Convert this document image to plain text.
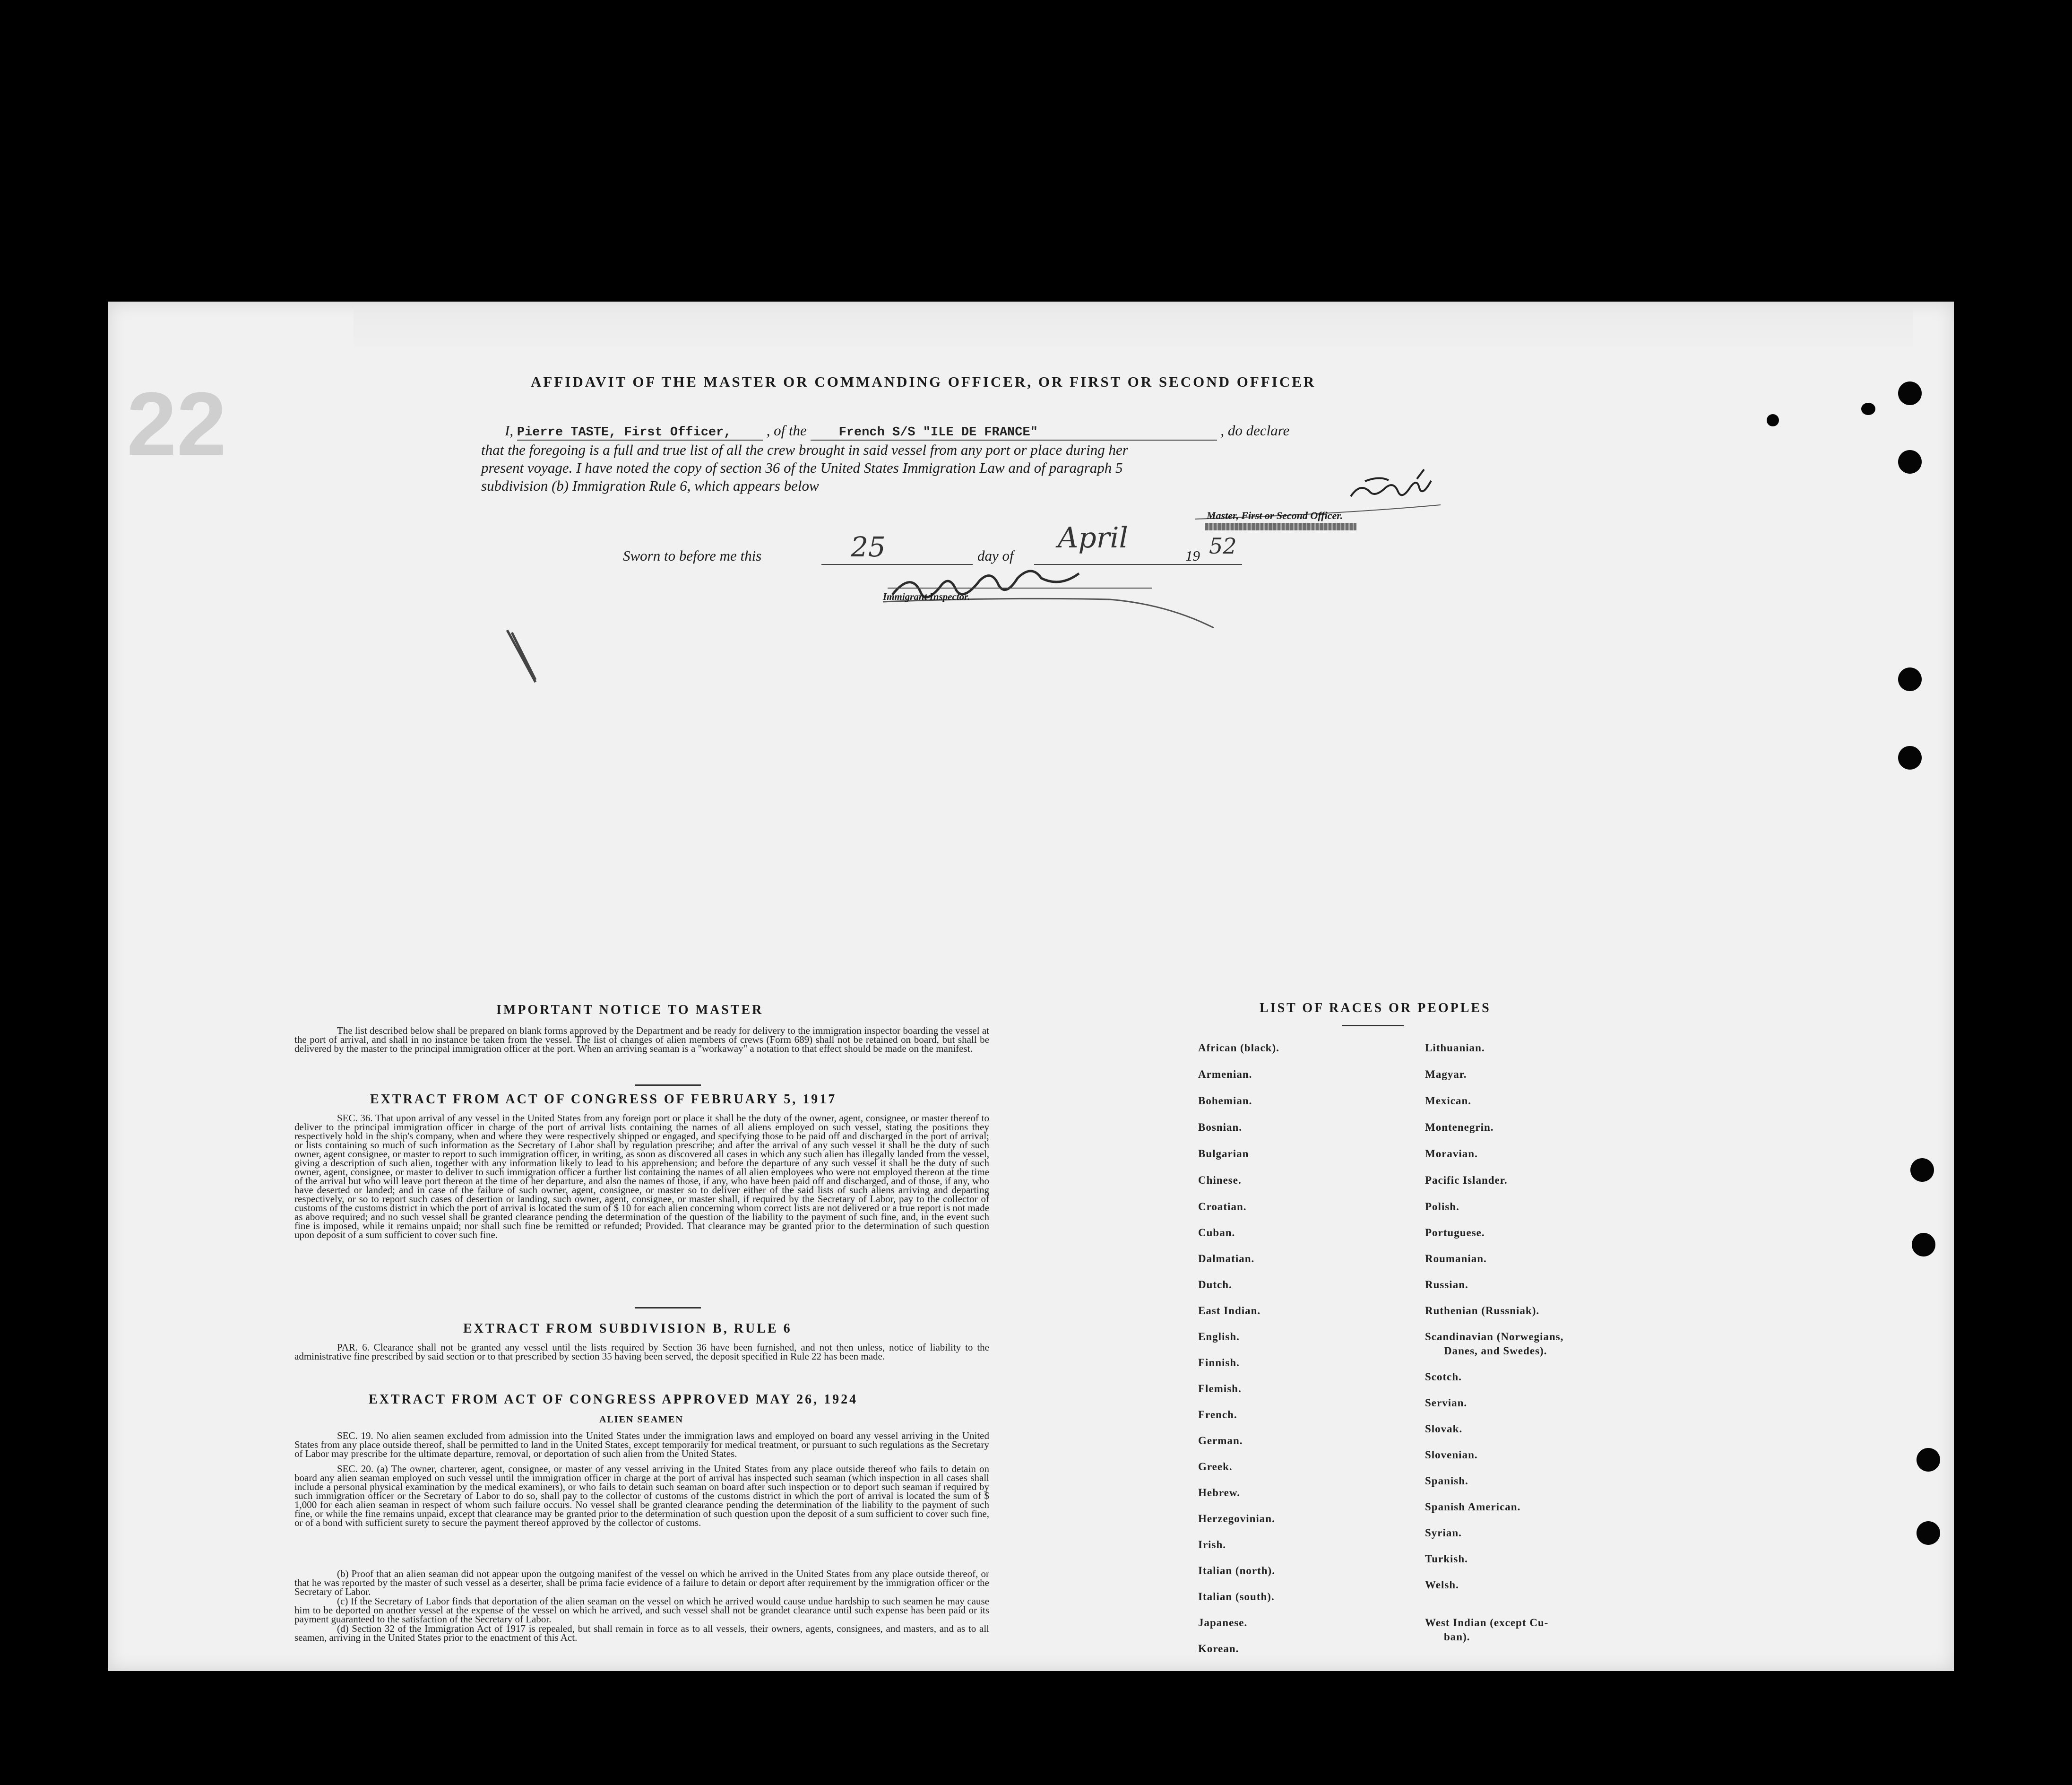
22	AFFIDAVIT OF THE MASTER OR COMMANDING OFFICER, OR FIRST OR SECOND OFFICER
I, Pierre TASTE, First Officer, , of the	French S/S "ILE DE FRANCE"	, do declare
that the foregoing is a full and true list of all the crew brought in said vessel from any port or place during her
present voyage. I have noted the copy of section 36 of the United States Immigration Law and of paragraph 5
subdivision (b) Immigration Rule 6, which appears below
Master, First or Second Officer.
Sworn to before me this	25	day of
April
19 52
Immigrant Inspector.
IMPORTANT NOTICE TO MASTER
The list described below shall be prepared on blank forms approved by the Department and be ready for delivery to the immigration inspector boarding the vessel at the port of arrival, and shall in no instance be taken from the vessel. The list of changes of alien members of crews (Form 689) shall not be retained on board, but shall be delivered by the master to the principal immigration officer at the port. When an arriving seaman is a "workaway" a notation to that effect should be made on the manifest.
EXTRACT FROM ACT OF CONGRESS OF FEBRUARY 5, 1917
SEC. 36. That upon arrival of any vessel in the United States from any foreign port or place it shall be the duty of the owner, agent, consignee, or master thereof to deliver to the principal immigration officer in charge of the port of arrival lists containing the names of all aliens employed on such vessel, stating the positions they respectively hold in the ship's company, when and where they were respectively shipped or engaged, and specifying those to be paid off and discharged in the port of arrival; or lists containing so much of such information as the Secretary of Labor shall by regulation prescribe; and after the arrival of any such vessel it shall be the duty of such owner, agent consignee, or master to report to such immigration officer, in writing, as soon as discovered all cases in which any such alien has illegally landed from the vessel, giving a description of such alien, together with any information likely to lead to his apprehension; and before the departure of any such vessel it shall be the duty of such owner, agent, consignee, or master to deliver to such immigration officer a further list containing the names of all alien employees who were not employed thereon at the time of the arrival but who will leave port thereon at the time of her departure, and also the names of those, if any, who have been paid off and discharged, and of those, if any, who have deserted or landed; and in case of the failure of such owner, agent, consignee, or master so to deliver either of the said lists of such aliens arriving and departing respectively, or so to report such cases of desertion or landing, such owner, agent, consignee, or master shall, if required by the Secretary of Labor, pay to the collector of customs of the customs district in which the port of arrival is located the sum of $ 10 for each alien concerning whom correct lists are not delivered or a true report is not made as above required; and no such vessel shall be granted clearance pending the determination of the question of the liability to the payment of such fine, and, in the event such fine is imposed, while it remains unpaid; nor shall such fine be remitted or refunded; Provided. That clearance may be granted prior to the determination of such question upon deposit of a sum sufficient to cover such fine.
EXTRACT FROM SUBDIVISION B, RULE 6
PAR. 6. Clearance shall not be granted any vessel until the lists required by Section 36 have been furnished, and not then unless, notice of liability to the administrative fine prescribed by said section or to that prescribed by section 35 having been served, the deposit specified in Rule 22 has been made.
EXTRACT FROM ACT OF CONGRESS APPROVED MAY 26, 1924
ALIEN SEAMEN
SEC. 19. No alien seamen excluded from admission into the United States under the immigration laws and employed on board any vessel arriving in the United States from any place outside thereof, shall be permitted to land in the United States, except temporarily for medical treatment, or pursuant to such regulations as the Secretary of Labor may prescribe for the ultimate departure, removal, or deportation of such alien from the United States.
SEC. 20. (a) The owner, charterer, agent, consignee, or master of any vessel arriving in the United States from any place outside thereof who fails to detain on board any alien seaman employed on such vessel until the immigration officer in charge at the port of arrival has inspected such seaman (which inspection in all cases shall include a personal physical examination by the medical examiners), or who fails to detain such seaman on board after such inspection or to deport such seaman if required by such immigration officer or the Secretary of Labor to do so, shall pay to the collector of customs of the customs district in which the port of arrival is located the sum of $ 1,000 for each alien seaman in respect of whom such failure occurs. No vessel shall be granted clearance pending the determination of the liability to the payment of such fine, or while the fine remains unpaid, except that clearance may be granted prior to the determination of such question upon the deposit of a sum sufficient to cover such fine, or of a bond with sufficient surety to secure the payment thereof approved by the collector of customs.
(b) Proof that an alien seaman did not appear upon the outgoing manifest of the vessel on which he arrived in the United States from any place outside thereof, or that he was reported by the master of such vessel as a deserter, shall be prima facie evidence of a failure to detain or deport after requirement by the immigration officer or the Secretary of Labor.
(c) If the Secretary of Labor finds that deportation of the alien seaman on the vessel on which he arrived would cause undue hardship to such seamen he may cause him to be deported on another vessel at the expense of the vessel on which he arrived, and such vessel shall not be grandet clearance until such expense has been paid or its payment guaranteed to the satisfaction of the Secretary of Labor.
(d) Section 32 of the Immigration Act of 1917 is repealed, but shall remain in force as to all vessels, their owners, agents, consignees, and masters, and as to all seamen, arriving in the United States prior to the enactment of this Act.
LIST OF RACES OR PEOPLES
African (black).
Armenian.
Bohemian.
Bosnian.
Bulgarian
Chinese.
Croatian.
Cuban.
Dalmatian.
Dutch.
East Indian.
English.
Finnish.
Flemish.
French.
German.
Greek.
Hebrew.
Herzegovinian.
Irish.
Italian (north).
Italian (south).
Japanese.
Korean.
Lithuanian.
Magyar.
Mexican.
Montenegrin.
Moravian.
Pacific Islander.
Polish.
Portuguese.
Roumanian.
Russian.
Ruthenian (Russniak).
Scandinavian (Norwegians,
Danes, and Swedes).
Scotch.
Servian.
Slovak.
Slovenian.
Spanish.
Spanish American.
Syrian.
Turkish.
Welsh.
West Indian (except Cu-
ban).
